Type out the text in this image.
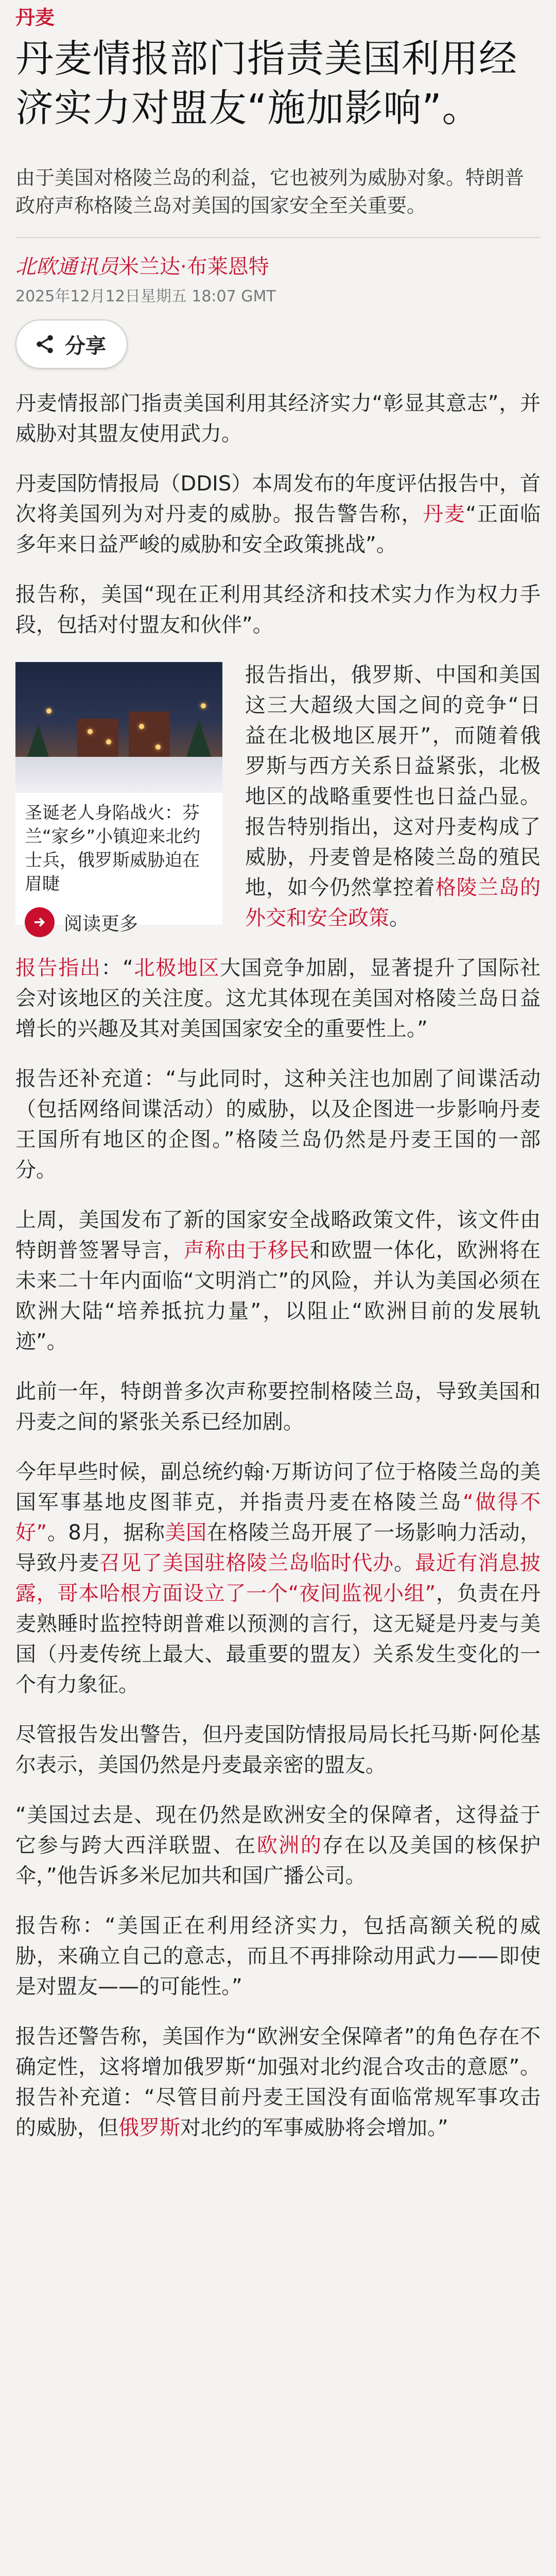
丹麦
丹麦情报部门指责美国利用经济实力对盟友“施加影响”。
由于美国对格陵兰岛的利益，它也被列为威胁对象。特朗普政府声称格陵兰岛对美国的国家安全至关重要。
北欧通讯员米兰达·布莱恩特
2025年12月12日星期五 18:07 GMT
分享

丹麦情报部门指责美国利用其经济实力“彰显其意志”，并威胁对其盟友使用武力。

丹麦国防情报局（DDIS）本周发布的年度评估报告中，首次将美国列为对丹麦的威胁。报告警告称，丹麦“正面临多年来日益严峻的威胁和安全政策挑战”。

报告称，美国“现在正利用其经济和技术实力作为权力手段，包括对付盟友和伙伴”。

圣诞老人身陷战火：芬兰“家乡”小镇迎来北约士兵，俄罗斯威胁迫在眉睫
阅读更多

报告指出，俄罗斯、中国和美国这三大超级大国之间的竞争“日益在北极地区展开”，而随着俄罗斯与西方关系日益紧张，北极地区的战略重要性也日益凸显。报告特别指出，这对丹麦构成了威胁，丹麦曾是格陵兰岛的殖民地，如今仍然掌控着格陵兰岛的外交和安全政策。

报告指出：“北极地区大国竞争加剧，显著提升了国际社会对该地区的关注度。这尤其体现在美国对格陵兰岛日益增长的兴趣及其对美国国家安全的重要性上。”

报告还补充道：“与此同时，这种关注也加剧了间谍活动（包括网络间谍活动）的威胁，以及企图进一步影响丹麦王国所有地区的企图。”格陵兰岛仍然是丹麦王国的一部分。

上周，美国发布了新的国家安全战略政策文件，该文件由特朗普签署导言，声称由于移民和欧盟一体化，欧洲将在未来二十年内面临“文明消亡”的风险，并认为美国必须在欧洲大陆“培养抵抗力量”，以阻止“欧洲目前的发展轨迹”。

此前一年，特朗普多次声称要控制格陵兰岛，导致美国和丹麦之间的紧张关系已经加剧。

今年早些时候，副总统约翰·万斯访问了位于格陵兰岛的美国军事基地皮图菲克，并指责丹麦在格陵兰岛“做得不好”。8月，据称美国在格陵兰岛开展了一场影响力活动，导致丹麦召见了美国驻格陵兰岛临时代办。最近有消息披露，哥本哈根方面设立了一个“夜间监视小组”，负责在丹麦熟睡时监控特朗普难以预测的言行，这无疑是丹麦与美国（丹麦传统上最大、最重要的盟友）关系发生变化的一个有力象征。

尽管报告发出警告，但丹麦国防情报局局长托马斯·阿伦基尔表示，美国仍然是丹麦最亲密的盟友。

“美国过去是、现在仍然是欧洲安全的保障者，这得益于它参与跨大西洋联盟、在欧洲的存在以及美国的核保护伞，”他告诉多米尼加共和国广播公司。

报告称：“美国正在利用经济实力，包括高额关税的威胁，来确立自己的意志，而且不再排除动用武力——即使是对盟友——的可能性。”

报告还警告称，美国作为“欧洲安全保障者”的角色存在不确定性，这将增加俄罗斯“加强对北约混合攻击的意愿”。报告补充道：“尽管目前丹麦王国没有面临常规军事攻击的威胁，但俄罗斯对北约的军事威胁将会增加。”
